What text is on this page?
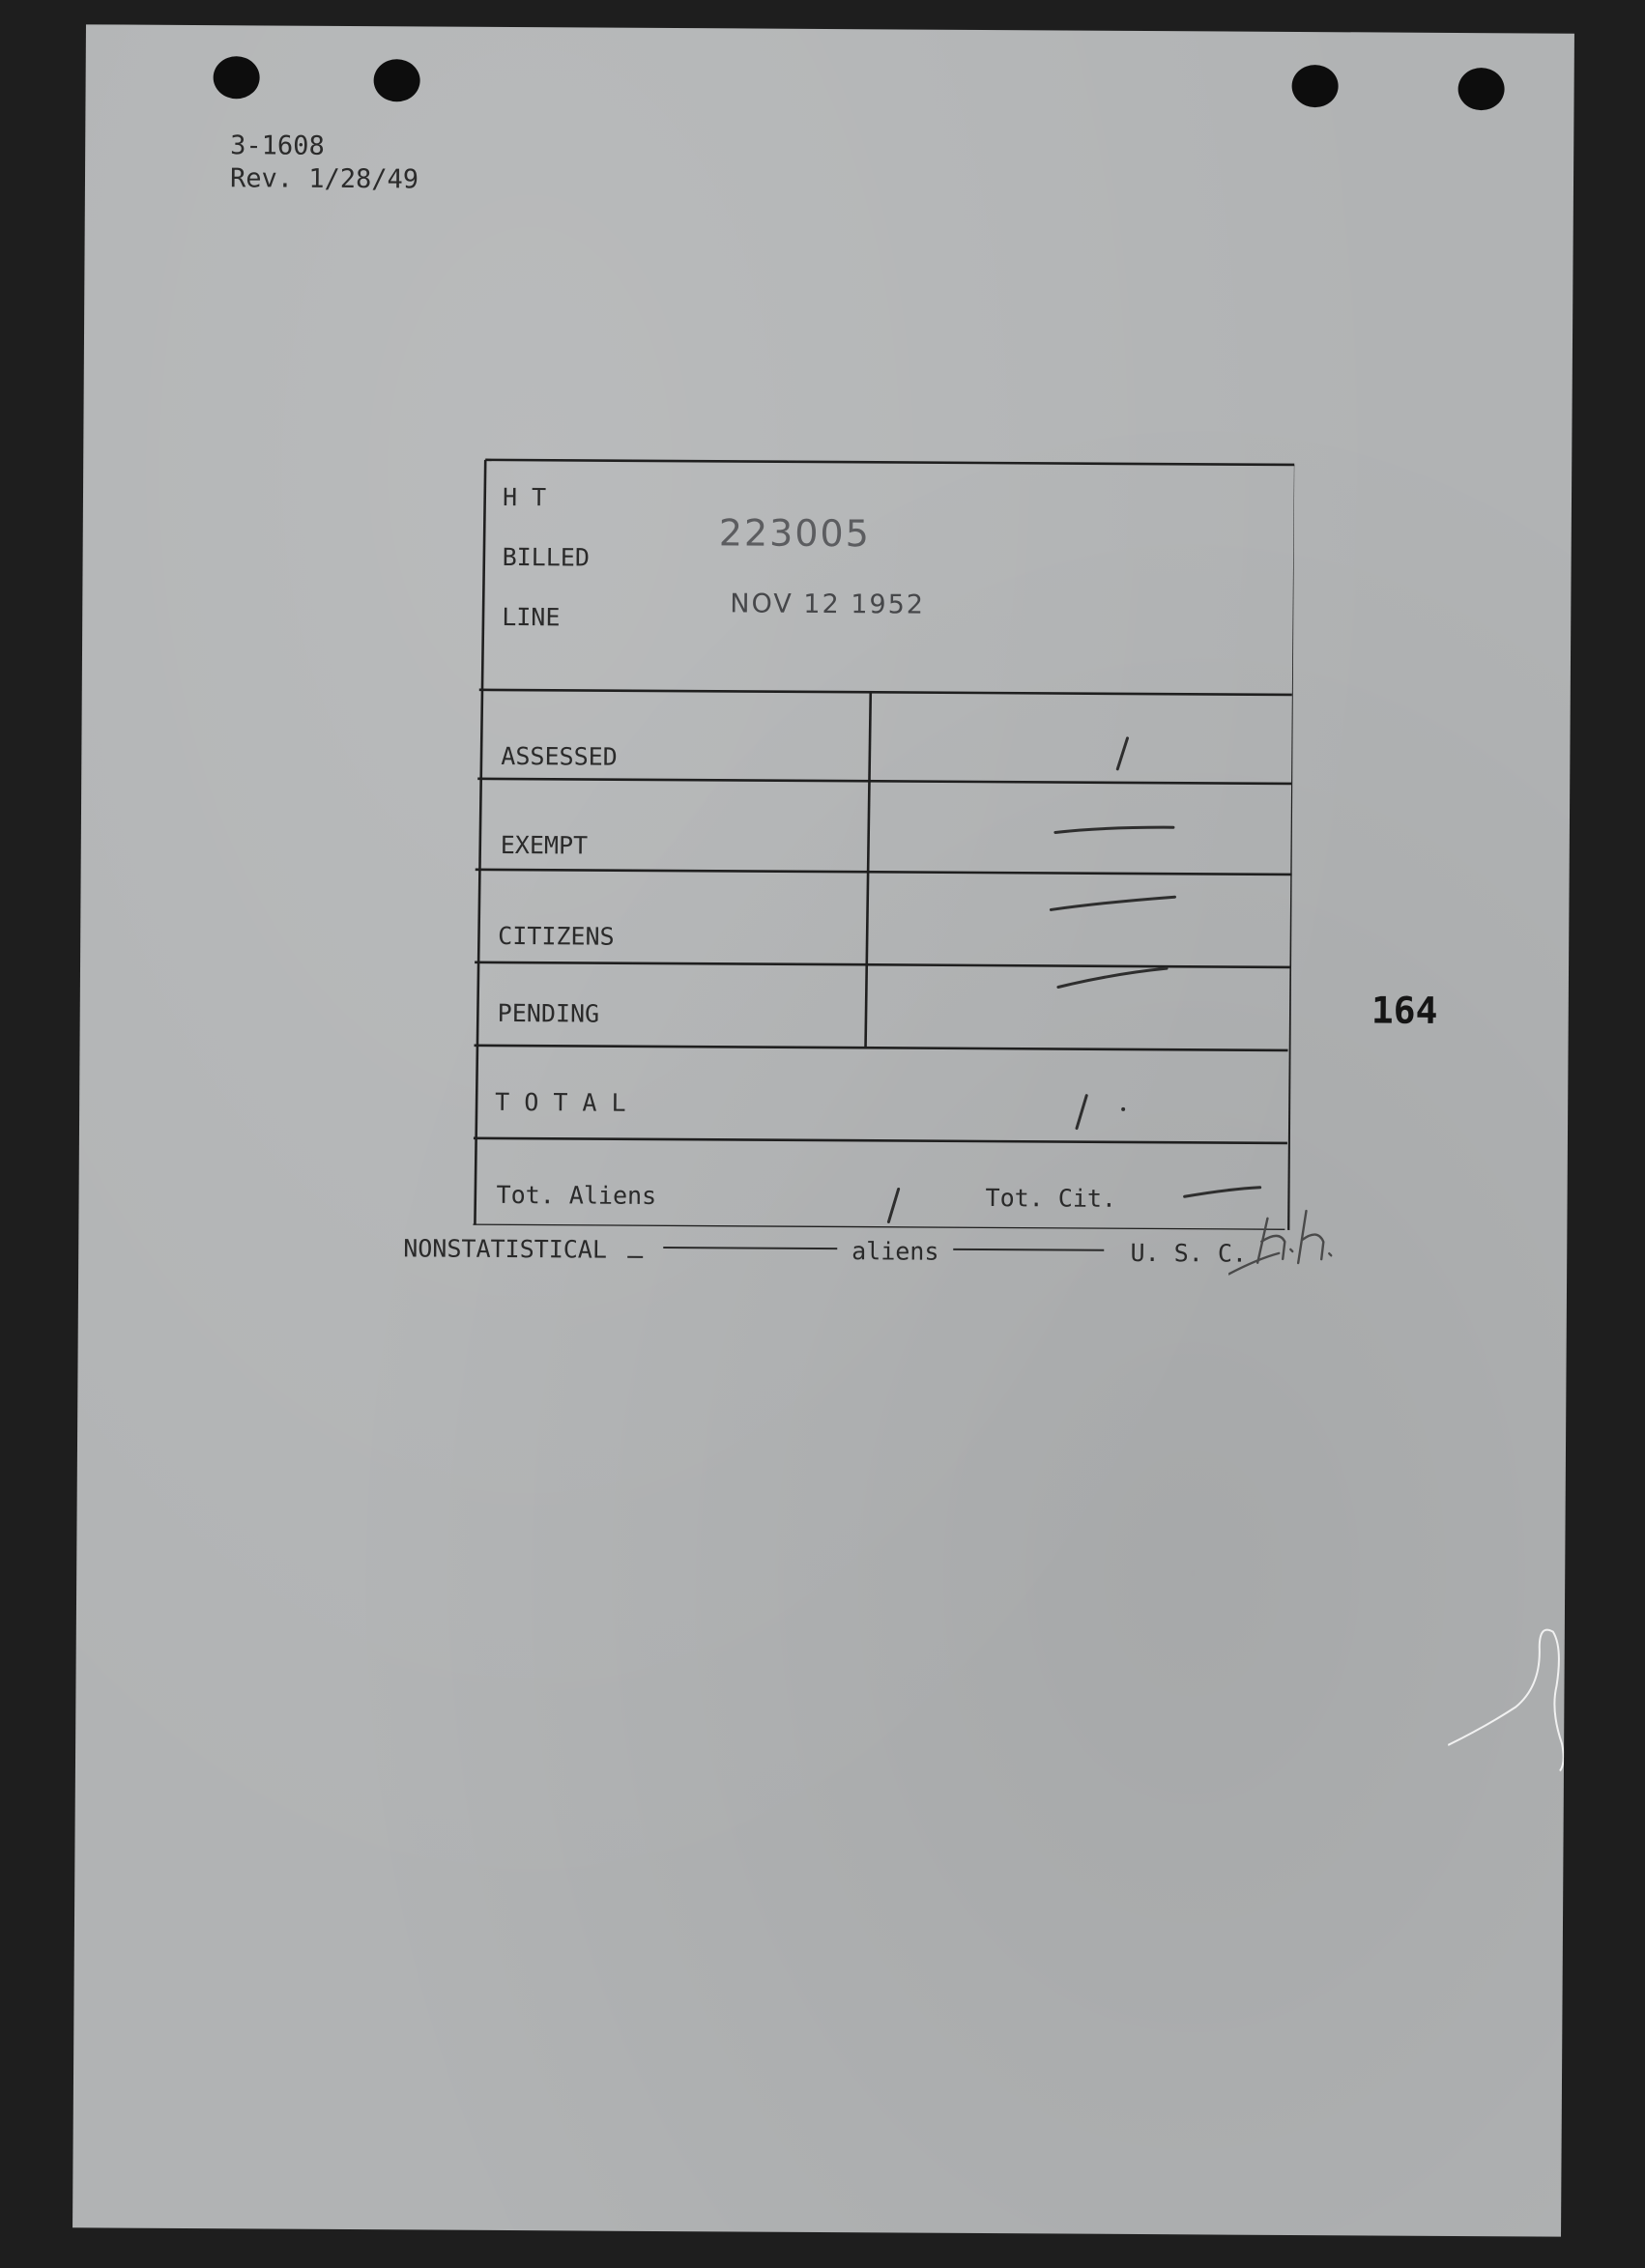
3-1608
Rev. 1/28/49
H T
BILLED
LINE
223005
NOV 12 1952
ASSESSED
EXEMPT
CITIZENS
PENDING
T O T A L
Tot. Aliens	Tot. Cit.
164
NONSTATISTICAL	aliens	U. S. C.
